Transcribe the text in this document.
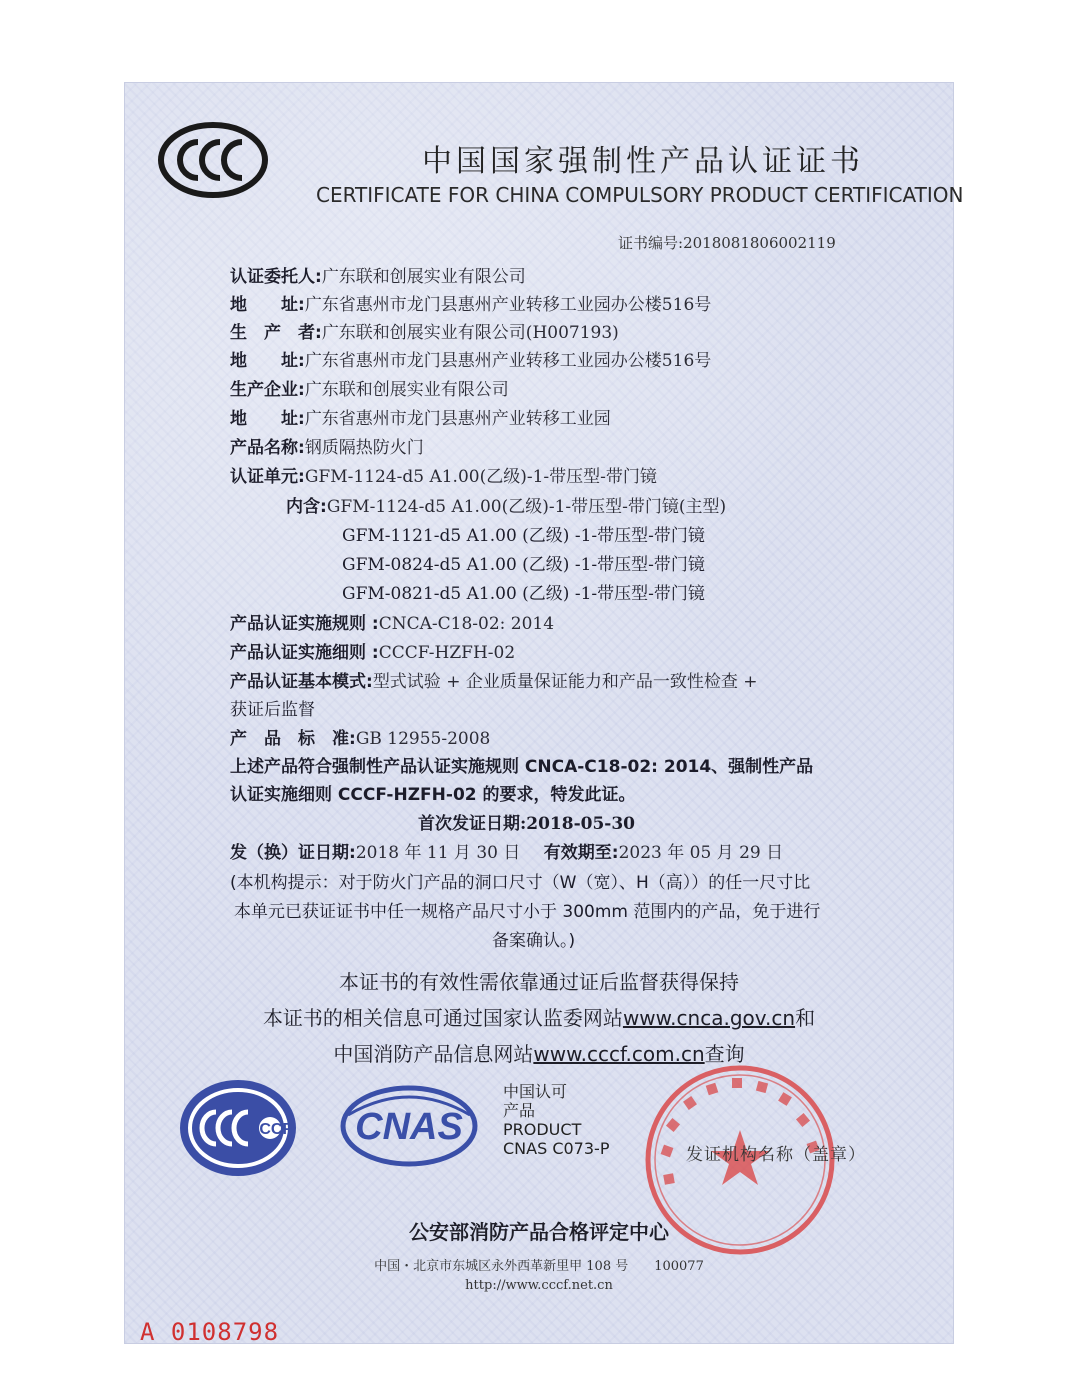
中国国家强制性产品认证证书
CERTIFICATE FOR CHINA COMPULSORY PRODUCT CERTIFICATION
证书编号:2018081806002119
认证委托人:广东联和创展实业有限公司
地　　址:广东省惠州市龙门县惠州产业转移工业园办公楼516号
生　产　者:广东联和创展实业有限公司(H007193)
地　　址:广东省惠州市龙门县惠州产业转移工业园办公楼516号
生产企业:广东联和创展实业有限公司
地　　址:广东省惠州市龙门县惠州产业转移工业园
产品名称:钢质隔热防火门
认证单元:GFM-1124-d5 A1.00(乙级)-1-带压型-带门镜
内含:GFM-1124-d5 A1.00(乙级)-1-带压型-带门镜(主型)
GFM-1121-d5 A1.00 (乙级) -1-带压型-带门镜
GFM-0824-d5 A1.00 (乙级) -1-带压型-带门镜
GFM-0821-d5 A1.00 (乙级) -1-带压型-带门镜
产品认证实施规则 :CNCA-C18-02: 2014
产品认证实施细则 :CCCF-HZFH-02
产品认证基本模式:型式试验 + 企业质量保证能力和产品一致性检查 +
获证后监督
产　品　标　准:GB 12955-2008
上述产品符合强制性产品认证实施规则 CNCA-C18-02: 2014、强制性产品
认证实施细则 CCCF-HZFH-02 的要求，特发此证。
首次发证日期:2018-05-30
发（换）证日期:2018 年 11 月 30 日 有效期至:2023 年 05 月 29 日
(本机构提示：对于防火门产品的洞口尺寸（W（宽）、H（高））的任一尺寸比
本单元已获证证书中任一规格产品尺寸小于 300mm 范围内的产品，免于进行
备案确认。)
本证书的有效性需依靠通过证后监督获得保持
本证书的相关信息可通过国家认监委网站www.cnca.gov.cn和
中国消防产品信息网站www.cccf.com.cn查询
CCCF CNAS
中国认可
产品
PRODUCT
CNAS C073-P	发证机构名称（盖章）
公安部消防产品合格评定中心
中国・北京市东城区永外西革新里甲 108 号　　100077
http://www.cccf.net.cn
A 0108798
